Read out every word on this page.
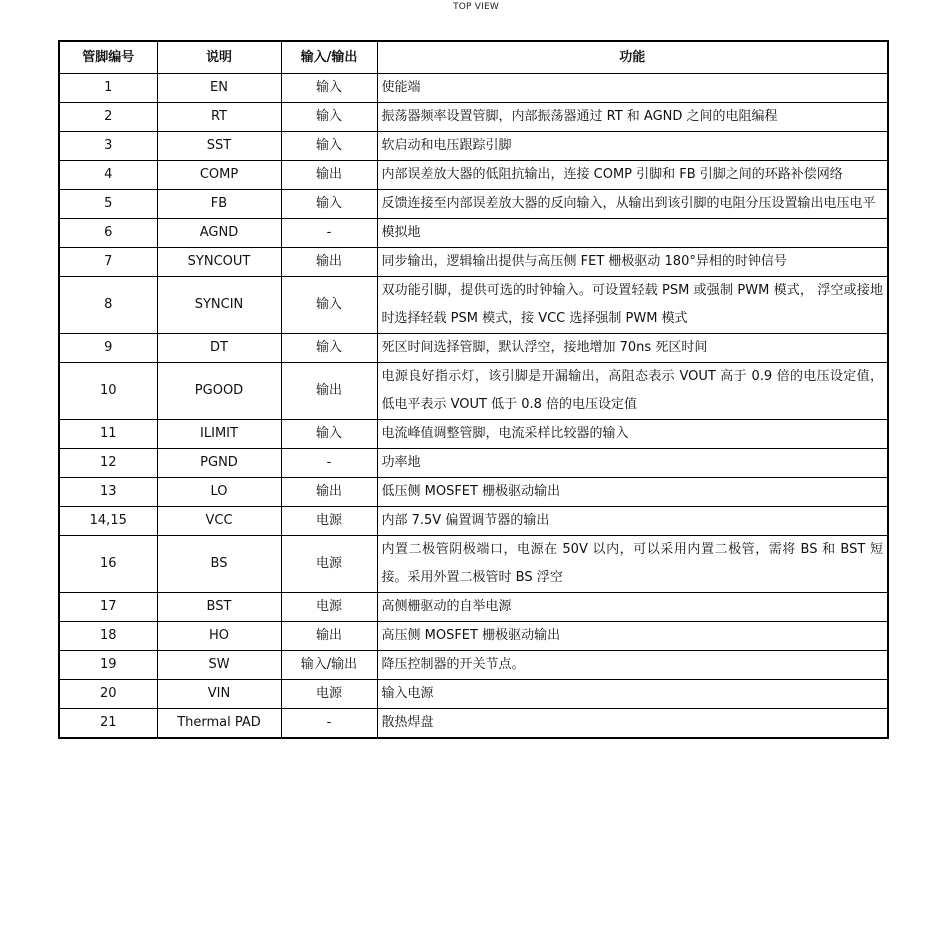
TOP VIEW
管脚编号	说明	输入/输出	功能
1	EN	输入	使能端
2	RT	输入	振荡器频率设置管脚，内部振荡器通过 RT 和 AGND 之间的电阻编程
3	SST	输入	软启动和电压跟踪引脚
4	COMP	输出	内部误差放大器的低阻抗输出，连接 COMP 引脚和 FB 引脚之间的环路补偿网络
5	FB	输入	反馈连接至内部误差放大器的反向输入，从输出到该引脚的电阻分压设置输出电压电平
6	AGND	-	模拟地
7	SYNCOUT	输出	同步输出，逻辑输出提供与高压侧 FET 栅极驱动 180°异相的时钟信号
8	SYNCIN	输入	双功能引脚，提供可选的时钟输入。可设置轻载 PSM 或强制 PWM 模式， 浮空或接地时选择轻载 PSM 模式，接 VCC 选择强制 PWM 模式
9	DT	输入	死区时间选择管脚，默认浮空，接地增加 70ns 死区时间
10	PGOOD	输出	电源良好指示灯，该引脚是开漏输出，高阻态表示 VOUT 高于 0.9 倍的电压设定值，低电平表示 VOUT 低于 0.8 倍的电压设定值
11	ILIMIT	输入	电流峰值调整管脚，电流采样比较器的输入
12	PGND	-	功率地
13	LO	输出	低压侧 MOSFET 栅极驱动输出
14,15	VCC	电源	内部 7.5V 偏置调节器的输出
16	BS	电源	内置二极管阴极端口，电源在 50V 以内，可以采用内置二极管，需将 BS 和 BST 短接。采用外置二极管时 BS 浮空
17	BST	电源	高侧栅驱动的自举电源
18	HO	输出	高压侧 MOSFET 栅极驱动输出
19	SW	输入/输出	降压控制器的开关节点。
20	VIN	电源	输入电源
21	Thermal PAD	-	散热焊盘
